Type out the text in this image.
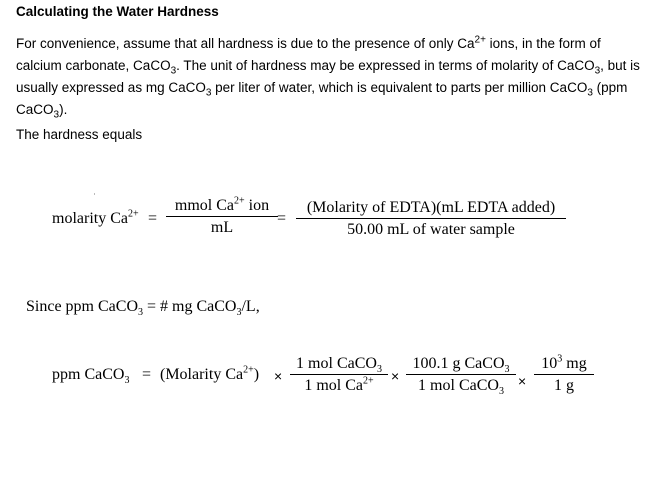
Calculating the Water Hardness
For convenience, assume that all hardness is due to the presence of only $Ca^{2+}$ ions, in the form of calcium carbonate, CaCO$_3$. The unit of hardness may be expressed in terms of molarity of CaCO$_3$, but is usually expressed as mg CaCO$_3$ per liter of water, which is equivalent to parts per million CaCO$_3$ (ppm CaCO$_3$).
The hardness equals
molarity $Ca^{2+}$ =
mmol $Ca^{2+}$ ion
mL
=
(Molarity of EDTA)(mL EDTA added)
50.00 mL of water sample
Since ppm CaCO$_3$ = # mg CaCO$_3$/L,
ppm CaCO$_3$ = (Molarity $Ca^{2+}$) ×
1 mol CaCO$_3$
1 mol $Ca^{2+}$	×
100.1 g CaCO$_3$
1 mol CaCO$_3$
× $\frac{10^3 mg}{1 g}$
